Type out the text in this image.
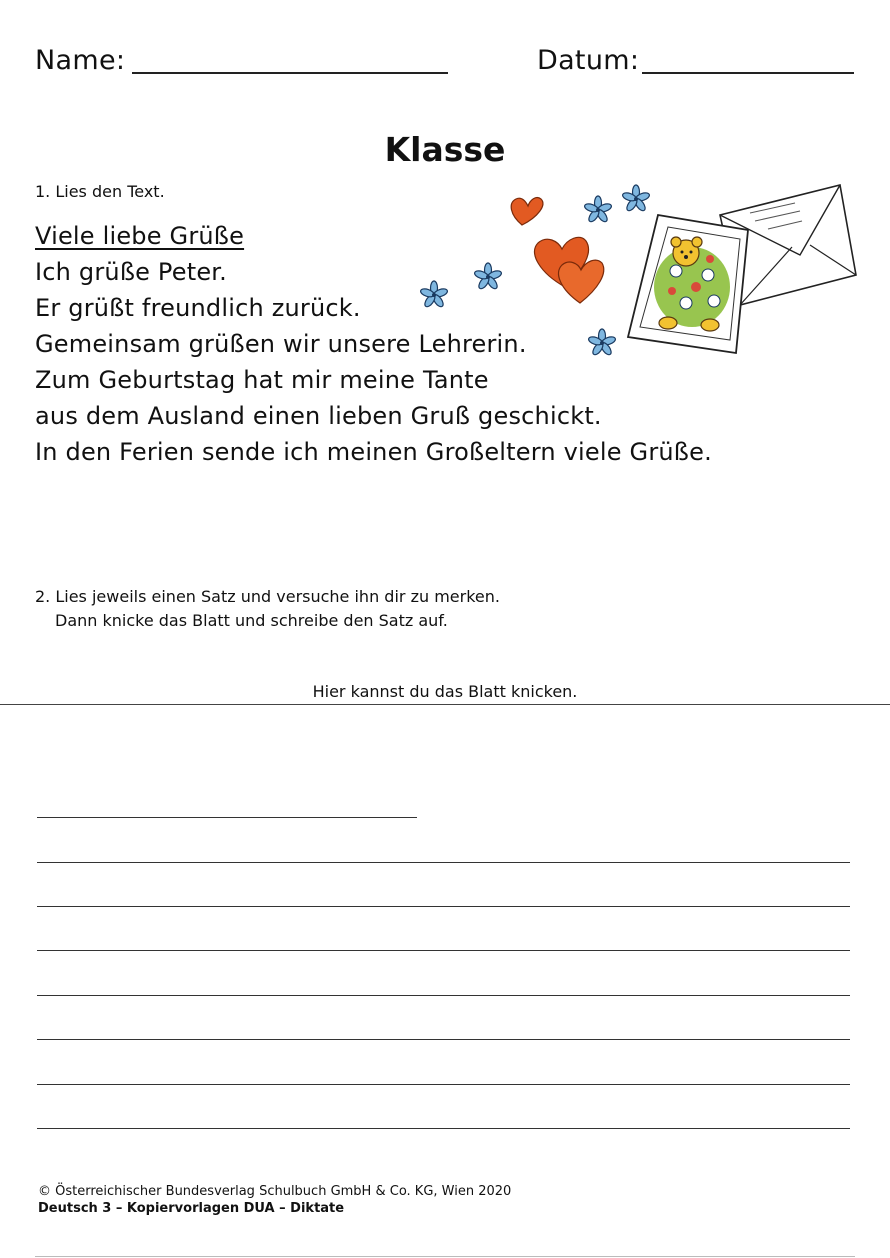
Name:	Datum:
Klasse
1. Lies den Text.
Viele liebe Grüße
Ich grüße Peter.
Er grüßt freundlich zurück.
Gemeinsam grüßen wir unsere Lehrerin.
Zum Geburtstag hat mir meine Tante
aus dem Ausland einen lieben Gruß geschickt.
In den Ferien sende ich meinen Großeltern viele Grüße.
2. Lies jeweils einen Satz und versuche ihn dir zu merken.
Dann knicke das Blatt und schreibe den Satz auf.
Hier kannst du das Blatt knicken.
© Österreichischer Bundesverlag Schulbuch GmbH & Co. KG, Wien 2020
Deutsch 3 – Kopiervorlagen DUA – Diktate
